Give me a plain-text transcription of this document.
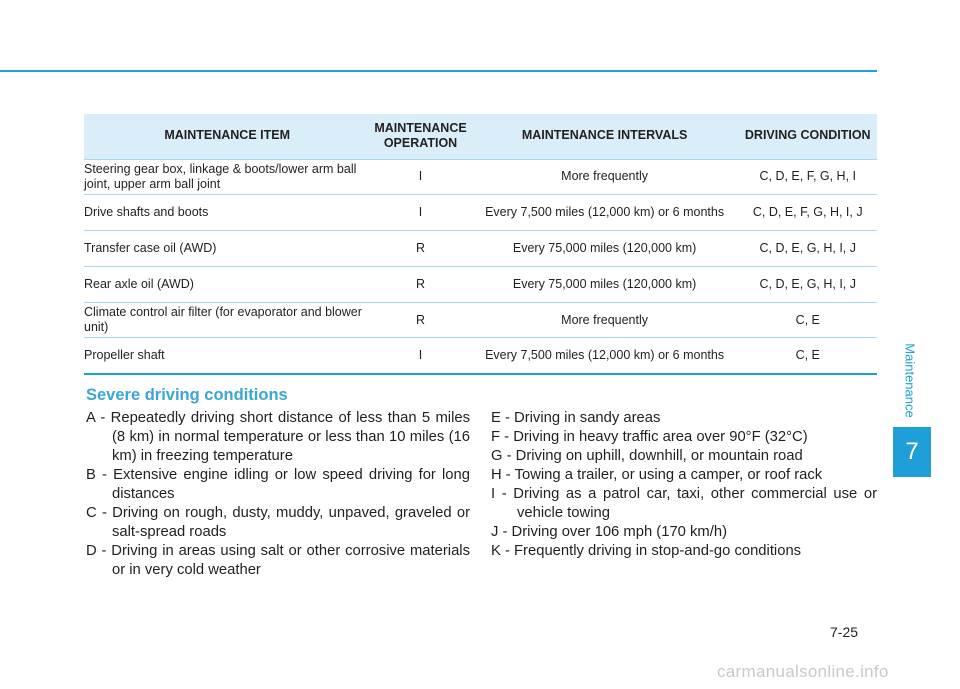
Maintenance
7
MAINTENANCE ITEM	MAINTENANCE OPERATION	MAINTENANCE INTERVALS	DRIVING CONDITION
Steering gear box, linkage & boots/lower arm ball joint, upper arm ball joint	I	More frequently	C, D, E, F, G, H, I
Drive shafts and boots	I	Every 7,500 miles (12,000 km) or 6 months	C, D, E, F, G, H, I, J
Transfer case oil (AWD)	R	Every 75,000 miles (120,000 km)	C, D, E, G, H, I, J
Rear axle oil (AWD)	R	Every 75,000 miles (120,000 km)	C, D, E, G, H, I, J
Climate control air filter (for evaporator and blower unit)	R	More frequently	C, E
Propeller shaft	I	Every 7,500 miles (12,000 km) or 6 months	C, E
Severe driving conditions
A - Repeatedly driving short distance of less than 5 miles (8 km) in normal temperature or less than 10 miles (16 km) in freezing temperature
B - Extensive engine idling or low speed driving for long distances
C - Driving on rough, dusty, muddy, unpaved, graveled or salt-spread roads
D - Driving in areas using salt or other corrosive materials or in very cold weather
E - Driving in sandy areas
F - Driving in heavy traffic area over 90°F (32°C)
G - Driving on uphill, downhill, or mountain road
H - Towing a trailer, or using a camper, or roof rack
I - Driving as a patrol car, taxi, other commercial use or vehicle towing
J - Driving over 106 mph (170 km/h)
K - Frequently driving in stop-and-go conditions
7-25
carmanualsonline.info
